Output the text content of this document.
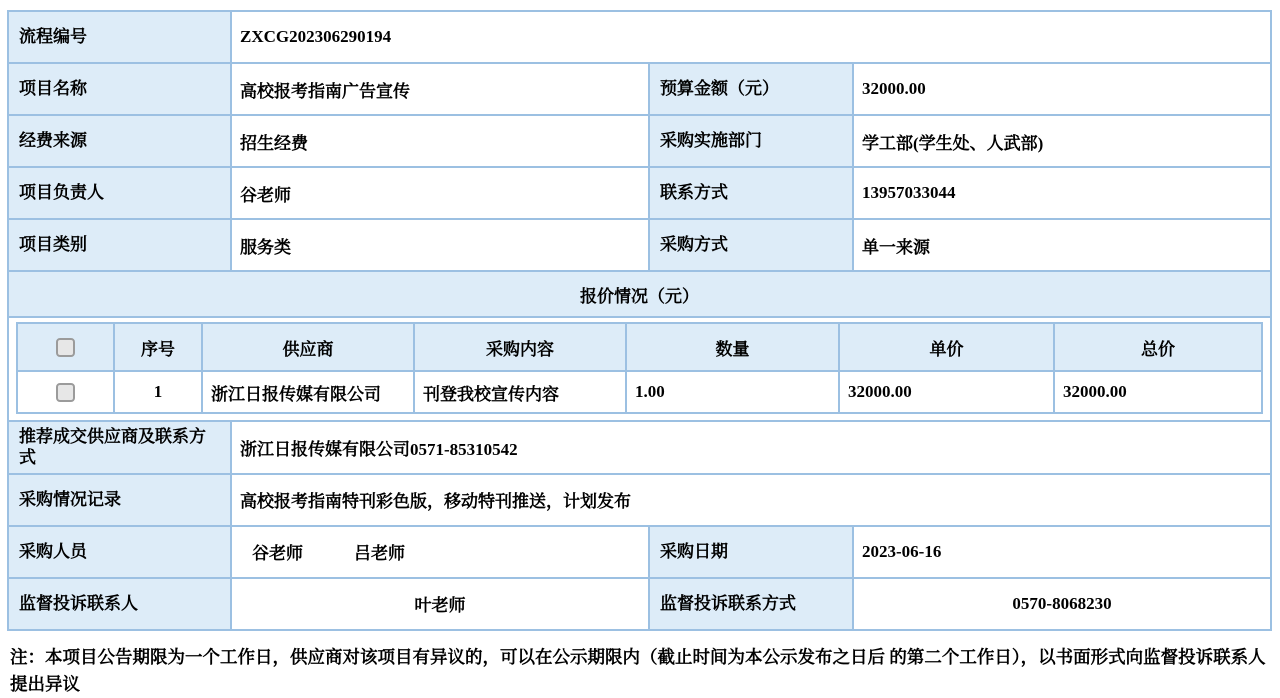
流程编号	ZXCG202306290194
项目名称	高校报考指南广告宣传	预算金额（元）	32000.00
经费来源	招生经费	采购实施部门	学工部(学生处、人武部)
项目负责人	谷老师	联系方式	13957033044
项目类别	服务类	采购方式	单一来源
报价情况（元）

	序号	供应商	采购内容	数量	单价	总价
	1	浙江日报传媒有限公司	刊登我校宣传内容	1.00	32000.00	32000.00

推荐成交供应商及联系方式	浙江日报传媒有限公司0571-85310542
采购情况记录	高校报考指南特刊彩色版，移动特刊推送，计划发布
采购人员	谷老师　　　吕老师	采购日期	2023-06-16
监督投诉联系人	叶老师	监督投诉联系方式	0570-8068230
注：本项目公告期限为一个工作日，供应商对该项目有异议的，可以在公示期限内（截止时间为本公示发布之日后 的第二个工作日），以书面形式向监督投诉联系人提出异议
